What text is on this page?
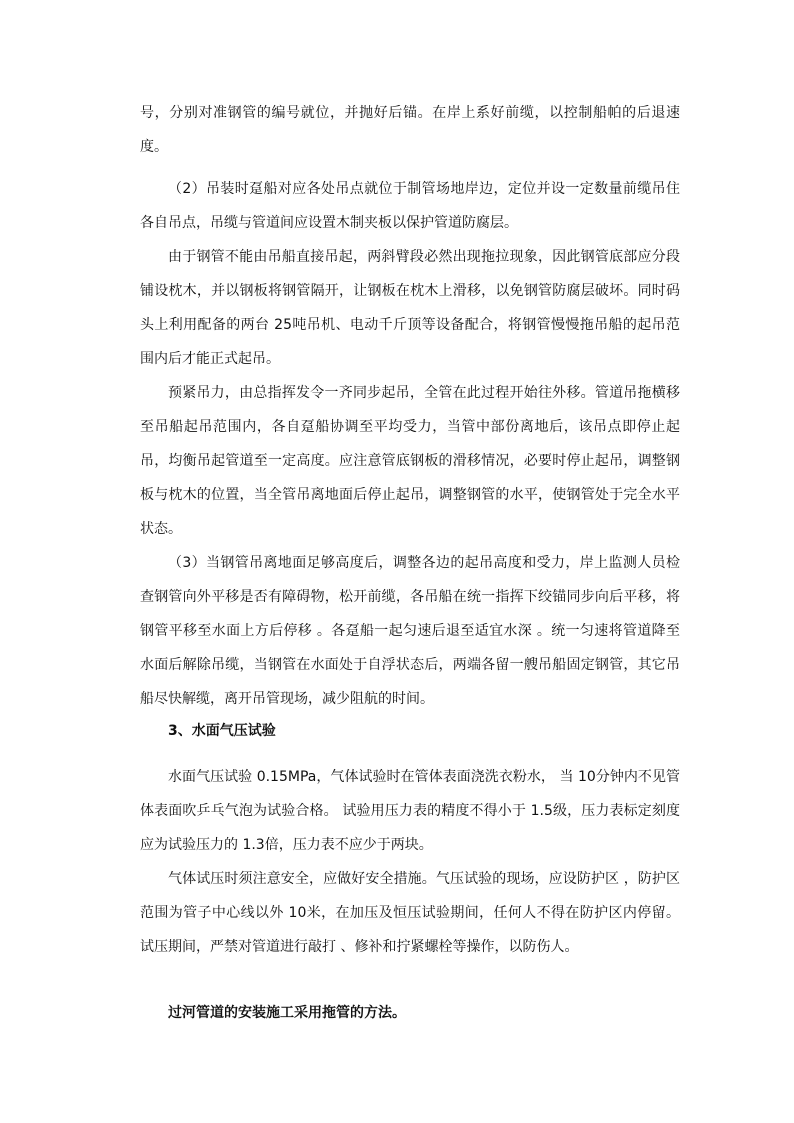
号，分别对准钢管的编号就位，并抛好后锚。在岸上系好前缆，以控制船帕的后退速度。
（2）吊装时趸船对应各处吊点就位于制管场地岸边，定位并设一定数量前缆吊住各自吊点，吊缆与管道间应设置木制夹板以保护管道防腐层。
由于钢管不能由吊船直接吊起，两斜臂段必然出现拖拉现象，因此钢管底部应分段铺设枕木，并以钢板将钢管隔开，让钢板在枕木上滑移，以免钢管防腐层破坏。同时码头上利用配备的两台 25吨吊机、电动千斤顶等设备配合，将钢管慢慢拖吊船的起吊范围内后才能正式起吊。
预紧吊力，由总指挥发令一齐同步起吊，全管在此过程开始往外移。管道吊拖横移至吊船起吊范围内，各自趸船协调至平均受力，当管中部份离地后，该吊点即停止起吊，均衡吊起管道至一定高度。应注意管底钢板的滑移情况，必要时停止起吊，调整钢板与枕木的位置，当全管吊离地面后停止起吊，调整钢管的水平，使钢管处于完全水平状态。
（3）当钢管吊离地面足够高度后，调整各边的起吊高度和受力，岸上监测人员检查钢管向外平移是否有障碍物，松开前缆，各吊船在统一指挥下绞锚同步向后平移，将钢管平移至水面上方后停移 。各趸船一起匀速后退至适宜水深 。统一匀速将管道降至水面后解除吊缆，当钢管在水面处于自浮状态后，两端各留一艘吊船固定钢管，其它吊船尽快解缆，离开吊管现场，减少阻航的时间。
3、水面气压试验
水面气压试验 0.15MPa，气体试验时在管体表面浇洗衣粉水， 当 10分钟内不见管体表面吹乒乓气泡为试验合格。 试验用压力表的精度不得小于 1.5级，压力表标定刻度应为试验压力的 1.3倍，压力表不应少于两块。
气体试压时须注意安全，应做好安全措施。气压试验的现场，应设防护区 ，防护区范围为管子中心线以外 10米，在加压及恒压试验期间，任何人不得在防护区内停留。试压期间，严禁对管道进行敲打 、修补和拧紧螺栓等操作，以防伤人。
过河管道的安装施工采用拖管的方法。
